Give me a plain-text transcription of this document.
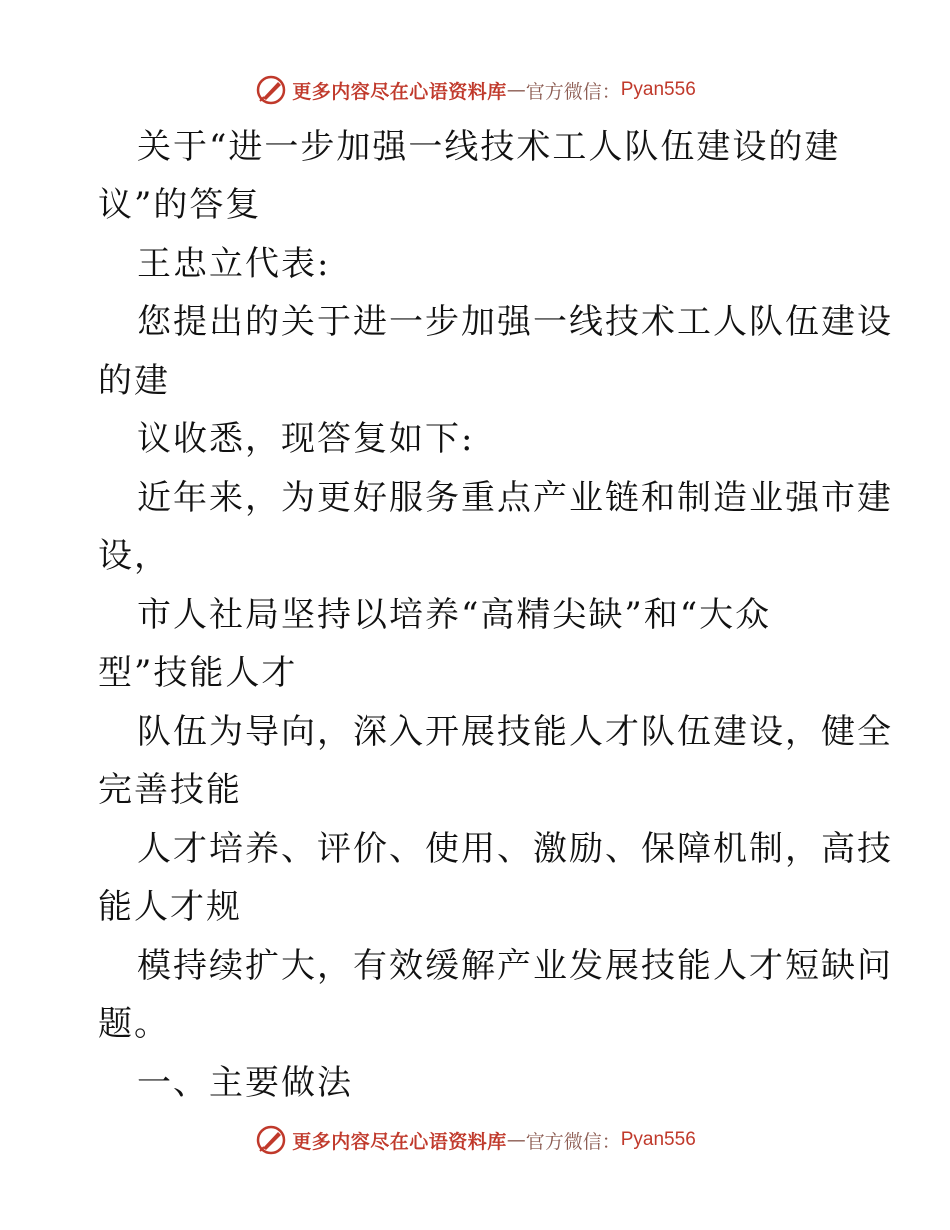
更多内容尽在心语资料库 — 官方微信： Pyan556
关于“进一步加强一线技术工人队伍建设的建
议”的答复
王忠立代表:
您提出的关于进一步加强一线技术工人队伍建设
的建
议收悉，现答复如下:
近年来，为更好服务重点产业链和制造业强市建
设，
市人社局坚持以培养“高精尖缺”和“大众
型”技能人才
队伍为导向，深入开展技能人才队伍建设，健全
完善技能
人才培养、评价、使用、激励、保障机制，高技
能人才规
模持续扩大，有效缓解产业发展技能人才短缺问
题。
一、主要做法
更多内容尽在心语资料库 — 官方微信： Pyan556
